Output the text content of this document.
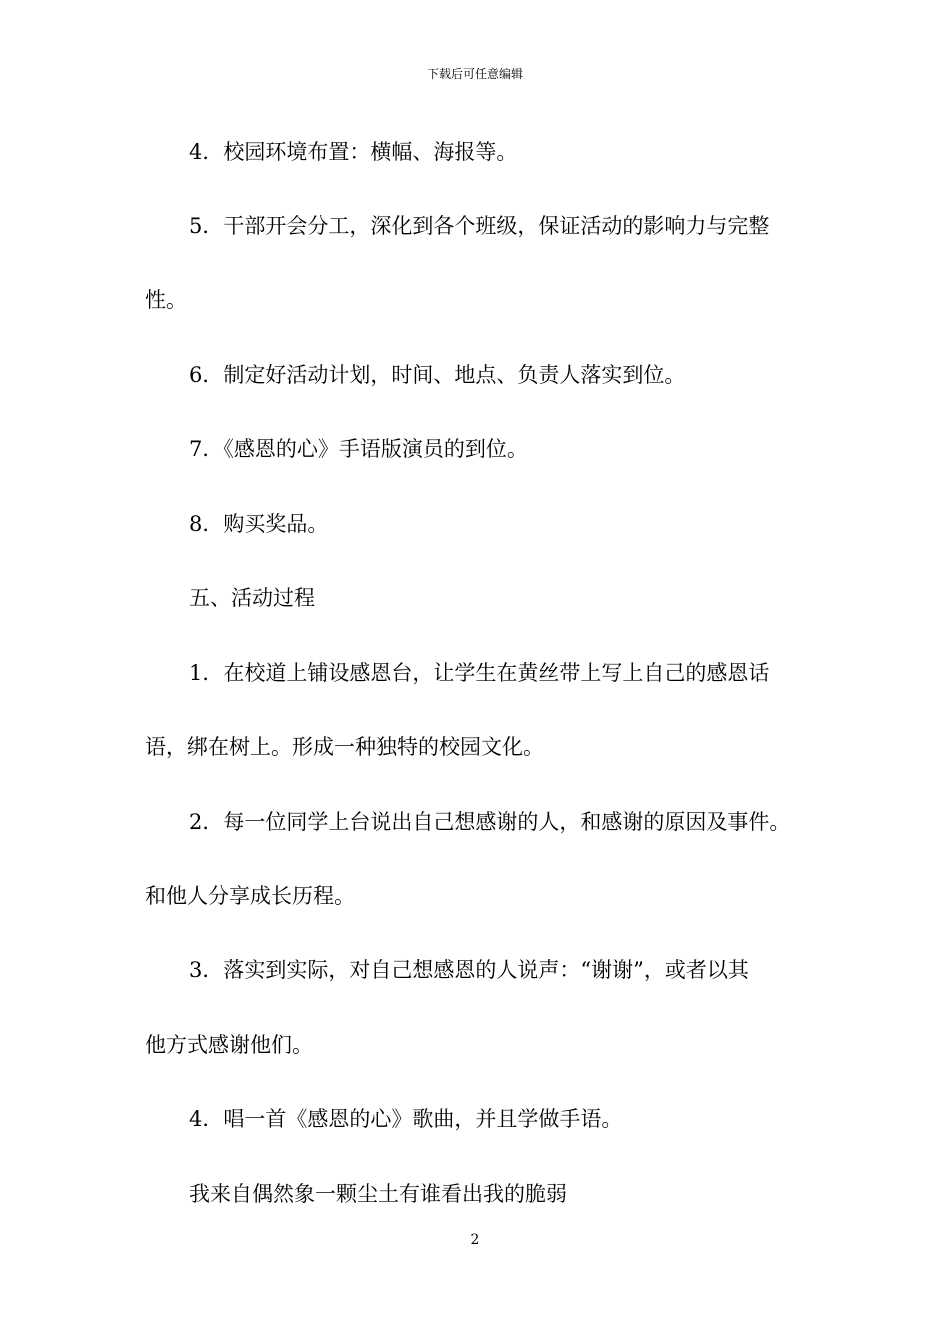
下载后可任意编辑
4．校园环境布置：横幅、海报等。
5．干部开会分工，深化到各个班级，保证活动的影响力与完整
性。
6．制定好活动计划，时间、地点、负责人落实到位。
7．《感恩的心》手语版演员的到位。
8．购买奖品。
五、活动过程
1．在校道上铺设感恩台，让学生在黄丝带上写上自己的感恩话
语，绑在树上。形成一种独特的校园文化。
2．每一位同学上台说出自己想感谢的人，和感谢的原因及事件。
和他人分享成长历程。
3．落实到实际，对自己想感恩的人说声：“谢谢”，或者以其
他方式感谢他们。
4．唱一首《感恩的心》歌曲，并且学做手语。
我来自偶然象一颗尘土有谁看出我的脆弱
2
